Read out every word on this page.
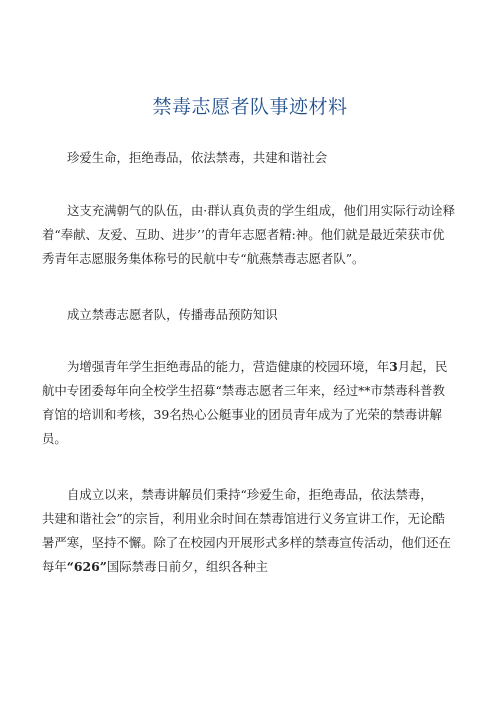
禁毒志愿者队事迹材料

珍爱生命，拒绝毒品，依法禁毒，共建和谐社会

这支充满朝气的队伍，由·群认真负责的学生组成，他们用实际行动诠释
着“奉献、友爱、互助、进步’’的青年志愿者精:神。他们就是最近荣获市优
秀青年志愿服务集体称号的民航中专“航燕禁毒志愿者队”。

成立禁毒志愿者队，传播毒品预防知识

为增强青年学生拒绝毒品的能力，营造健康的校园环境，年3月起，民
航中专团委每年向全校学生招募“禁毒志愿者三年来，经过**市禁毒科普教
育馆的培训和考核，39名热心公艇事业的团员青年成为了光荣的禁毒讲解
员。

自成立以来，禁毒讲解员们秉持“珍爱生命，拒绝毒品，依法禁毒，
共建和谐社会”的宗旨，利用业余时间在禁毒馆进行义务宣讲工作，无论酷
暑严寒，坚持不懈。除了在校园内开展形式多样的禁毒宣传活动，他们还在
每年“626”国际禁毒日前夕，组织各种主
